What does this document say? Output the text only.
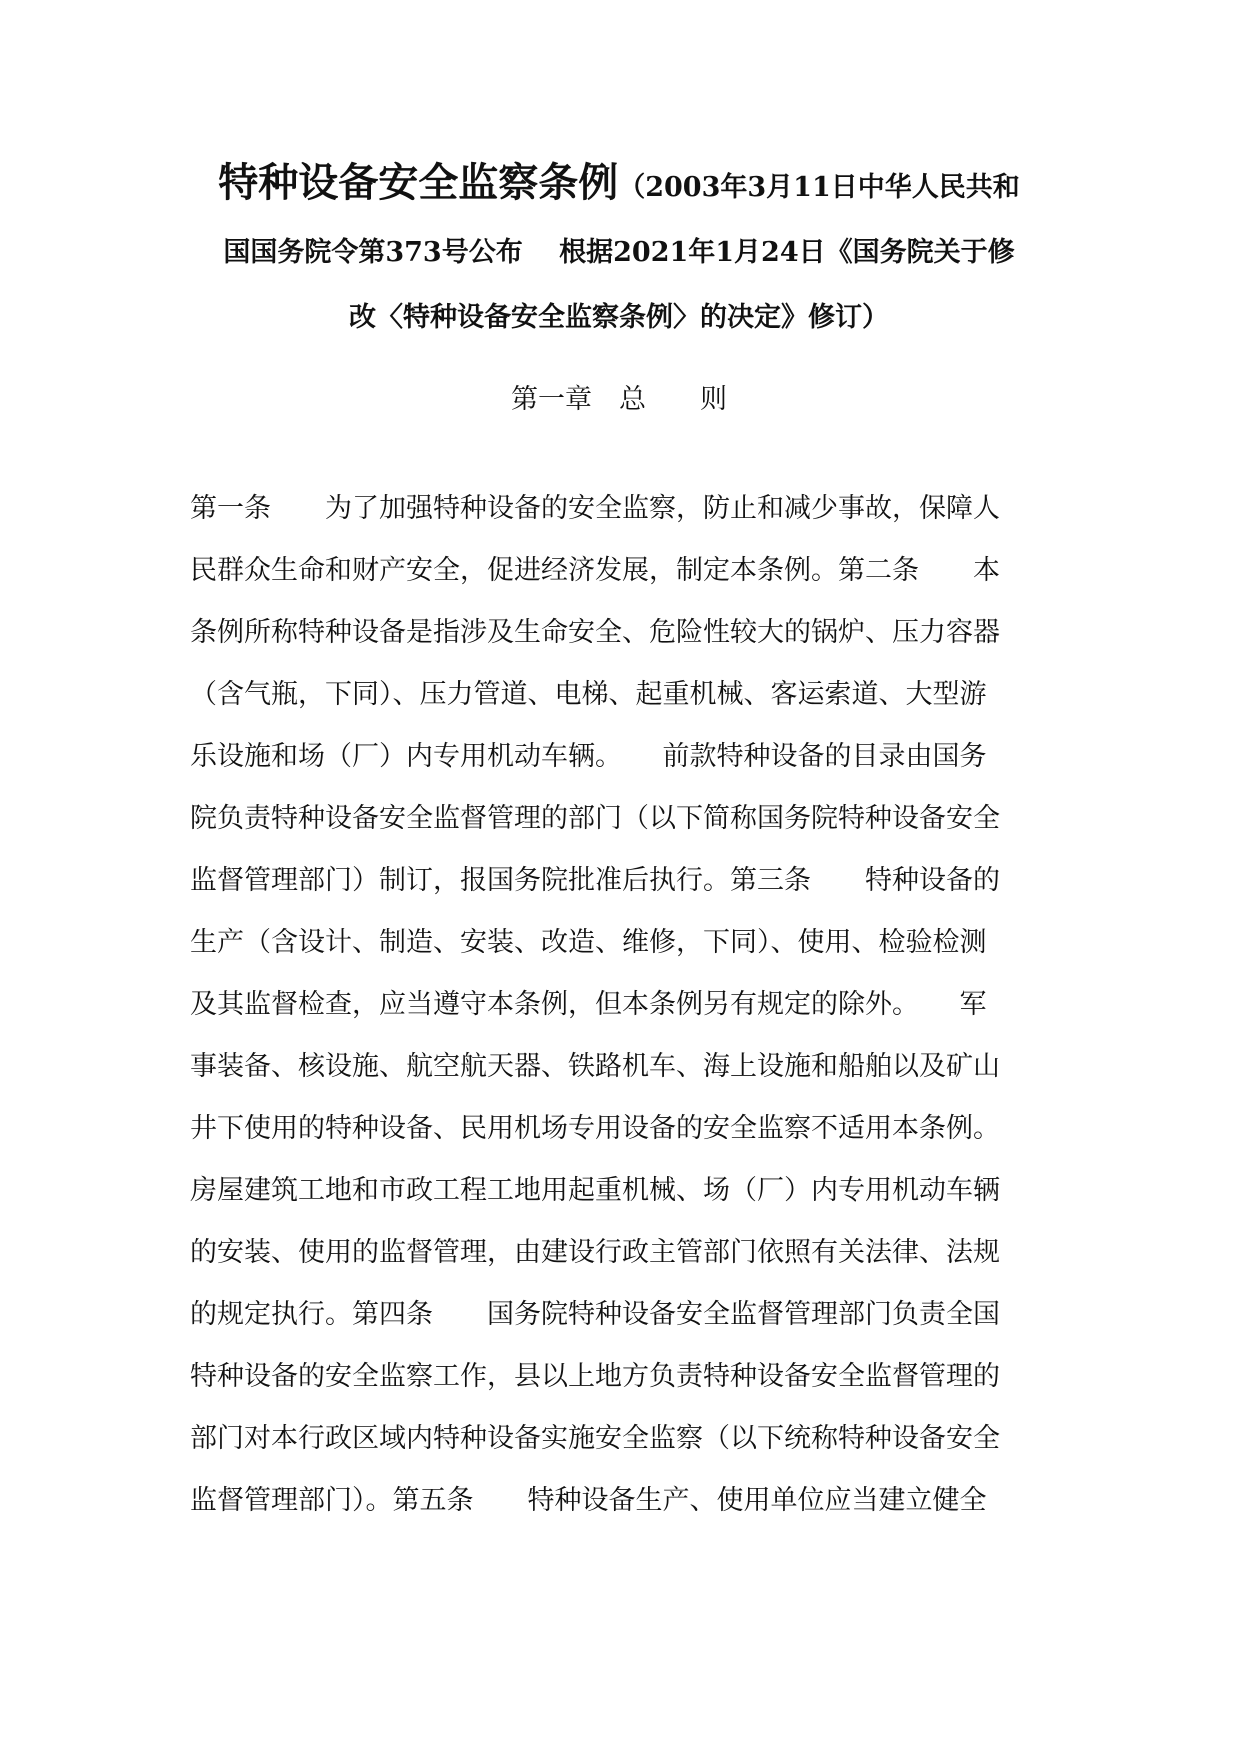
特种设备安全监察条例（2003年3月11日中华人民共和
国国务院令第373号公布　 根据2021年1月24日《国务院关于修
改〈特种设备安全监察条例〉的决定》修订）
第一章　总　　则
第一条　　为了加强特种设备的安全监察，防止和减少事故，保障人
民群众生命和财产安全，促进经济发展，制定本条例。第二条　　本
条例所称特种设备是指涉及生命安全、危险性较大的锅炉、压力容器
（含气瓶，下同）、压力管道、电梯、起重机械、客运索道、大型游
乐设施和场（厂）内专用机动车辆。　　前款特种设备的目录由国务
院负责特种设备安全监督管理的部门（以下简称国务院特种设备安全
监督管理部门）制订，报国务院批准后执行。第三条　　特种设备的
生产（含设计、制造、安装、改造、维修，下同）、使用、检验检测
及其监督检查，应当遵守本条例，但本条例另有规定的除外。　　军
事装备、核设施、航空航天器、铁路机车、海上设施和船舶以及矿山
井下使用的特种设备、民用机场专用设备的安全监察不适用本条例。
房屋建筑工地和市政工程工地用起重机械、场（厂）内专用机动车辆
的安装、使用的监督管理，由建设行政主管部门依照有关法律、法规
的规定执行。第四条　　国务院特种设备安全监督管理部门负责全国
特种设备的安全监察工作，县以上地方负责特种设备安全监督管理的
部门对本行政区域内特种设备实施安全监察（以下统称特种设备安全
监督管理部门）。第五条　　特种设备生产、使用单位应当建立健全
